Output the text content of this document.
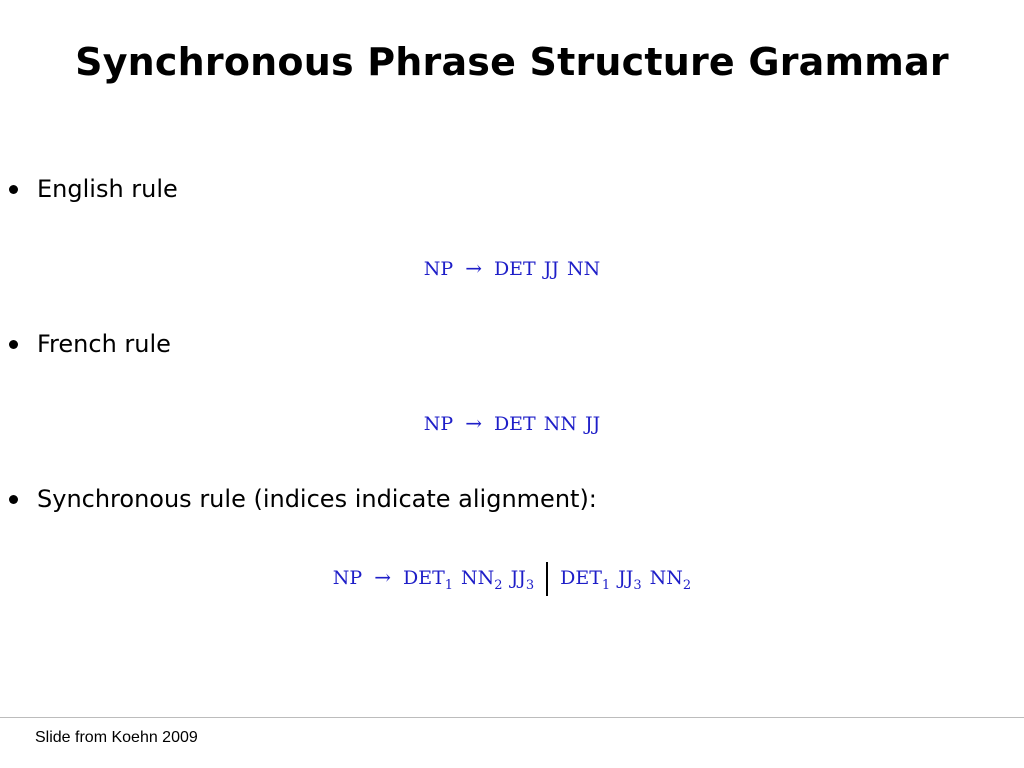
Synchronous Phrase Structure Grammar
English rule
NP → DET JJ NN
French rule
NP → DET NN JJ
Synchronous rule (indices indicate alignment):
NP → $DET_1$ $NN_2$ $JJ_3$ $DET_1$ $JJ_3$ $NN_2$
Slide from Koehn 2009
